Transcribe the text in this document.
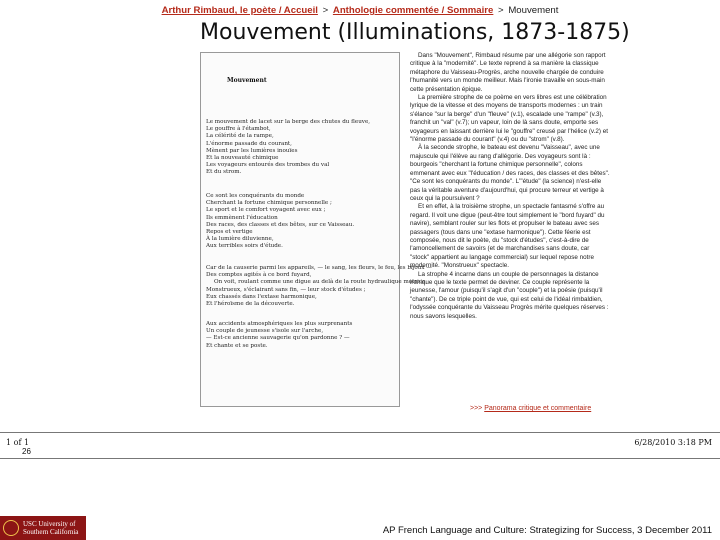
Arthur Rimbaud, le poète / Accueil > Anthologie commentée / Sommaire > Mouvement
Mouvement (Illuminations, 1873-1875)
Mouvement
Le mouvement de lacet sur la berge des chutes du fleuve,
Le gouffre à l'étambot,
La célérité de la rampe,
L'énorme passade du courant,
Mènent par les lumières inouïes
Et la nouveauté chimique
Les voyageurs entourés des trombes du val
Et du strom.
Ce sont les conquérants du monde
Cherchant la fortune chimique personnelle ;
Le sport et le comfort voyagent avec eux ;
Ils emmènent l'éducation
Des races, des classes et des bêtes, sur ce Vaisseau.
Repos et vertige
À la lumière diluvienne,
Aux terribles soirs d'étude.
Car de la causerie parmi les appareils, — le sang, les fleurs, le feu, les bijoux —
Des comptes agités à ce bord fuyard,
On voit, roulant comme une digue au delà de la route hydraulique motrice,
Monstrueux, s'éclairant sans fin, — leur stock d'études ;
Eux chassés dans l'extase harmonique,
Et l'héroïsme de la découverte.
Aux accidents atmosphériques les plus surprenants
Un couple de jeunesse s'isole sur l'arche,
— Est-ce ancienne sauvagerie qu'on pardonne ? —
Et chante et se poste.

Dans "Mouvement", Rimbaud résume par une allégorie son rapport critique à la "modernité". Le texte reprend à sa manière la classique métaphore du Vaisseau-Progrès, arche nouvelle chargée de conduire l'humanité vers un monde meilleur. Mais l'ironie travaille en sous-main cette présentation épique.

La première strophe de ce poème en vers libres est une célébration lyrique de la vitesse et des moyens de transports modernes : un train s'élance "sur la berge" d'un "fleuve" (v.1), escalade une "rampe" (v.3), franchit un "val" (v.7); un vapeur, loin de là sans doute, emporte ses voyageurs en laissant derrière lui le "gouffre" creusé par l'hélice (v.2) et "l'énorme passade du courant" (v.4) ou du "strom" (v.8).

À la seconde strophe, le bateau est devenu "Vaisseau", avec une majuscule qui l'élève au rang d'allégorie. Des voyageurs sont là : bourgeois "cherchant la fortune chimique personnelle", colons emmenant avec eux "l'éducation / des races, des classes et des bêtes". "Ce sont les conquérants du monde". L'"étude" (la science) n'est-elle pas la véritable aventure d'aujourd'hui, qui procure terreur et vertige à ceux qui la poursuivent ?

Et en effet, à la troisième strophe, un spectacle fantasmé s'offre au regard. Il voit une digue (peut-être tout simplement le "bord fuyard" du navire), semblant rouler sur les flots et propulser le bateau avec ses passagers (tous dans une "extase harmonique"). Cette féerie est composée, nous dit le poète, du "stock d'études", c'est-à-dire de l'amoncellement de savoirs (et de marchandises sans doute, car "stock" appartient au langage commercial) sur lequel repose notre modernité. "Monstrueux" spectacle.

La strophe 4 incarne dans un couple de personnages la distance ironique que le texte permet de deviner. Ce couple représente la jeunesse, l'amour (puisqu'il s'agit d'un "couple") et la poésie (puisqu'il "chante"). De ce triple point de vue, qui est celui de l'idéal rimbaldien, l'odyssée conquérante du Vaisseau Progrès mérite quelques réserves : nous savons lesquelles.

>>> Panorama critique et commentaire
1 of 1	6/28/2010 3:18 PM
26
USC University of
Southern California	AP French Language and Culture: Strategizing for Success, 3 December 2011
